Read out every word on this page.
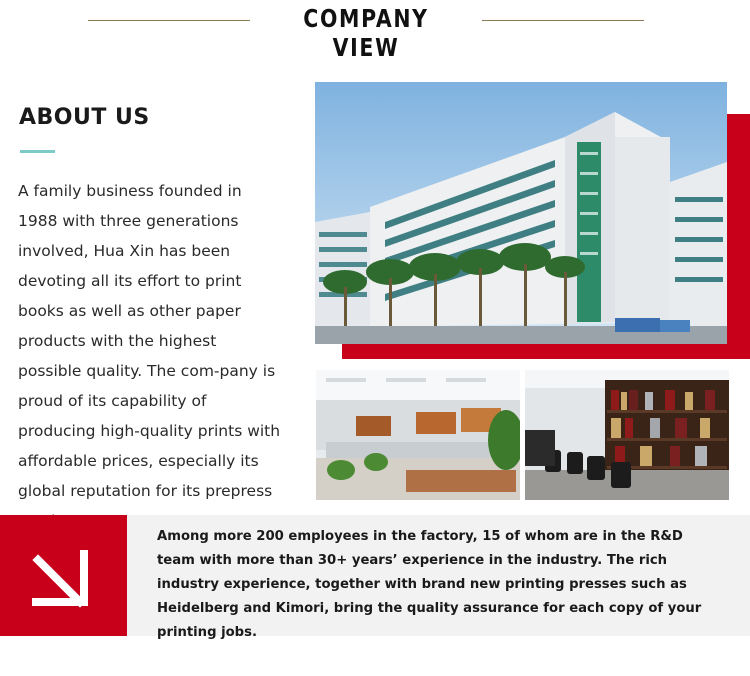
COMPANY VIEW
ABOUT US
A family business founded in 1988 with three generations involved, Hua Xin has been devoting all its effort to print books as well as other paper products with the highest possible quality. The com-pany is proud of its capability of producing high-quality prints with affordable prices, especially its global reputation for its prepress
Among more 200 employees in the factory, 15 of whom are in the R&D team with more than 30+ years’ experience in the industry. The rich industry experience, together with brand new printing presses such as Heidelberg and Kimori, bring the quality assurance for each copy of your printing jobs.
